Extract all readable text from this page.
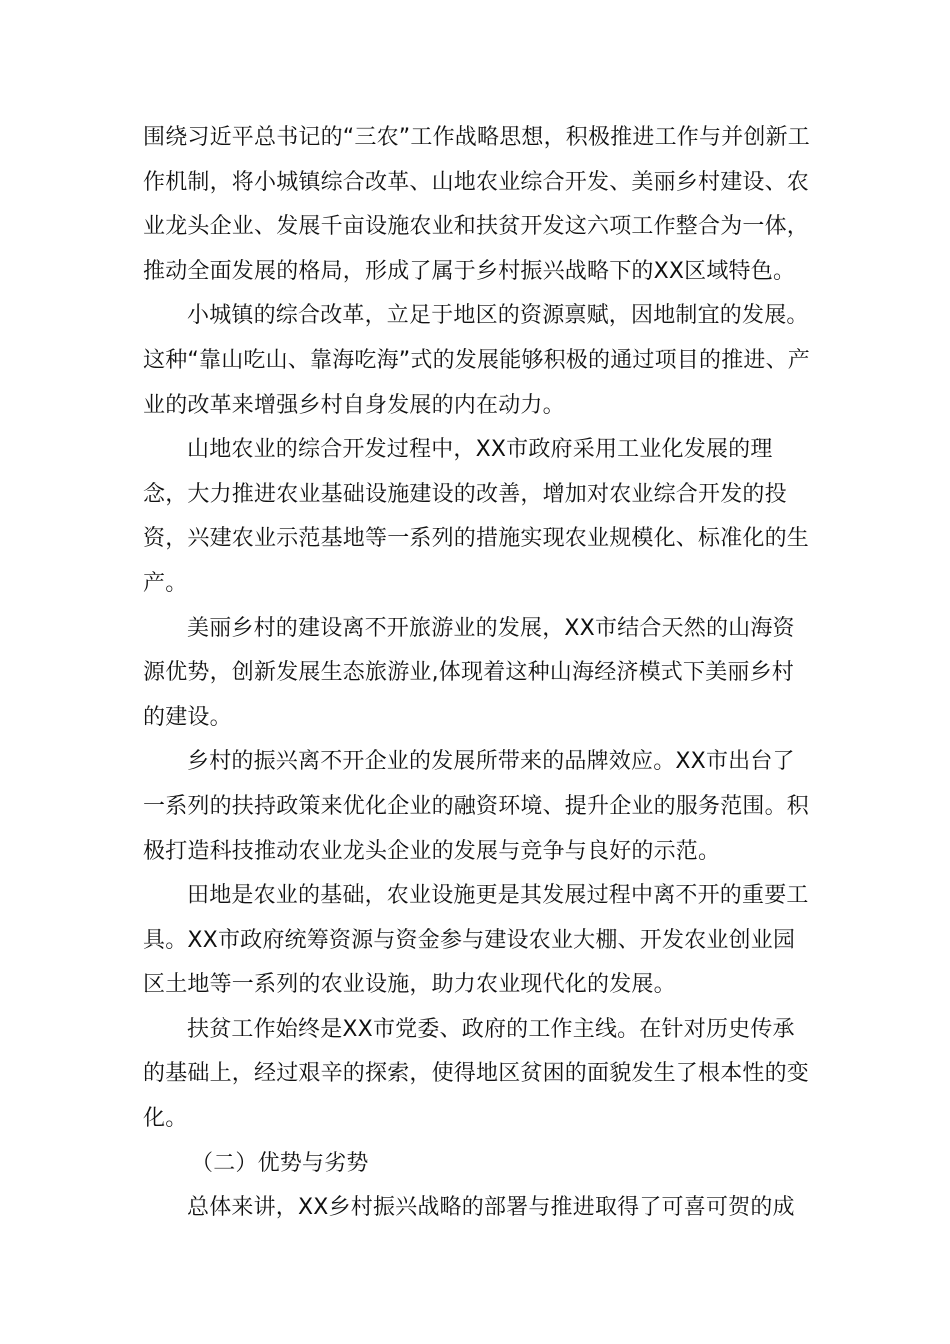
围绕习近平总书记的“三农”工作战略思想，积极推进工作与并创新工作机制，将小城镇综合改革、山地农业综合开发、美丽乡村建设、农业龙头企业、发展千亩设施农业和扶贫开发这六项工作整合为一体，推动全面发展的格局，形成了属于乡村振兴战略下的XX区域特色。

小城镇的综合改革，立足于地区的资源禀赋，因地制宜的发展。这种“靠山吃山、靠海吃海”式的发展能够积极的通过项目的推进、产业的改革来增强乡村自身发展的内在动力。

山地农业的综合开发过程中，XX市政府采用工业化发展的理念，大力推进农业基础设施建设的改善，增加对农业综合开发的投资，兴建农业示范基地等一系列的措施实现农业规模化、标准化的生产。

美丽乡村的建设离不开旅游业的发展，XX市结合天然的山海资源优势，创新发展生态旅游业,体现着这种山海经济模式下美丽乡村的建设。

乡村的振兴离不开企业的发展所带来的品牌效应。XX市出台了一系列的扶持政策来优化企业的融资环境、提升企业的服务范围。积极打造科技推动农业龙头企业的发展与竞争与良好的示范。

田地是农业的基础，农业设施更是其发展过程中离不开的重要工具。XX市政府统筹资源与资金参与建设农业大棚、开发农业创业园区土地等一系列的农业设施，助力农业现代化的发展。

扶贫工作始终是XX市党委、政府的工作主线。在针对历史传承的基础上，经过艰辛的探索，使得地区贫困的面貌发生了根本性的变化。

（二）优势与劣势

总体来讲，XX乡村振兴战略的部署与推进取得了可喜可贺的成
